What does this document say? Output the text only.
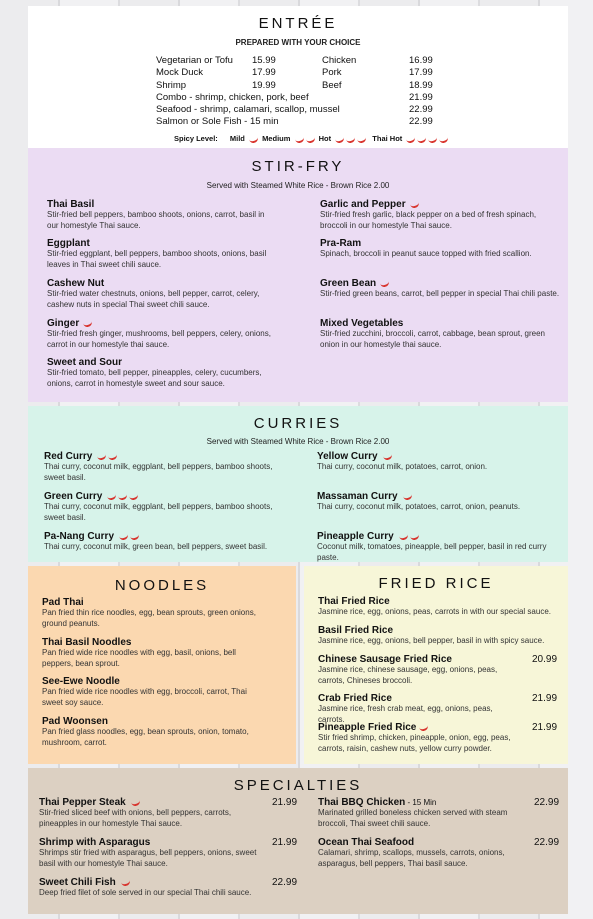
ENTRÉE
PREPARED WITH YOUR CHOICE
Vegetarian or Tofu 15.99	Chicken	16.99
Mock Duck	17.99	Pork	17.99
Shrimp	19.99	Beef	18.99
Combo - shrimp, chicken, pork, beef	21.99
Seafood - shrimp, calamari, scallop, mussel	22.99
Salmon or Sole Fish - 15 min	22.99
Spicy Level: Mild Medium	Hot	Thai Hot
STIR-FRY
Served with Steamed White Rice - Brown Rice 2.00
Thai Basil
Stir-fried bell peppers, bamboo shoots, onions, carrot, basil in our homestyle Thai sauce.
Eggplant
Stir-fried eggplant, bell peppers, bamboo shoots, onions, basil leaves in Thai sweet chili sauce.
Cashew Nut
Stir-fried water chestnuts, onions, bell pepper, carrot, celery, cashew nuts in special Thai sweet chili sauce.
Ginger
Stir-fried fresh ginger, mushrooms, bell peppers, celery, onions, carrot in our homestyle thai sauce.
Sweet and Sour
Stir-fried tomato, bell pepper, pineapples, celery, cucumbers, onions, carrot in homestyle sweet and sour sauce.
Garlic and Pepper
Stir-fried fresh garlic, black pepper on a bed of fresh spinach, broccoli in our homestyle Thai sauce.
Pra-Ram
Spinach, broccoli in peanut sauce topped with fried scallion.
Green Bean
Stir-fried green beans, carrot, bell pepper in special Thai chili paste.
Mixed Vegetables
Stir-fried zucchini, broccoli, carrot, cabbage, bean sprout, green onion in our homestyle thai sauce.
CURRIES
Served with Steamed White Rice - Brown Rice 2.00
Red Curry
Thai curry, coconut milk, eggplant, bell peppers, bamboo shoots, sweet basil.
Green Curry
Thai curry, coconut milk, eggplant, bell peppers, bamboo shoots, sweet basil.
Pa-Nang Curry
Thai curry, coconut milk, green bean, bell peppers, sweet basil.
Yellow Curry
Thai curry, coconut milk, potatoes, carrot, onion.
Massaman Curry
Thai curry, coconut milk, potatoes, carrot, onion, peanuts.
Pineapple Curry
Coconut milk, tomatoes, pineapple, bell pepper, basil in red curry paste.
NOODLES
Pad Thai
Pan fried thin rice noodles, egg, bean sprouts, green onions, ground peanuts.
Thai Basil Noodles
Pan fried wide rice noodles with egg, basil, onions, bell peppers, bean sprout.
See-Ewe Noodle
Pan fried wide rice noodles with egg, broccoli, carrot, Thai sweet soy sauce.
Pad Woonsen
Pan fried glass noodles, egg, bean sprouts, onion, tomato, mushroom, carrot.
FRIED RICE
Thai Fried Rice
Jasmine rice, egg, onions, peas, carrots in with our special sauce.
Basil Fried Rice
Jasmine rice, egg, onions, bell pepper, basil in with spicy sauce.
Chinese Sausage Fried Rice
Jasmine rice, chinese sausage, egg, onions, peas, carrots, Chineses broccoli.
20.99
Crab Fried Rice
Jasmine rice, fresh crab meat, egg, onions, peas, carrots.
21.99
Pineapple Fried Rice
Stir fried shrimp, chicken, pineapple, onion, egg, peas, carrots, raisin, cashew nuts, yellow curry powder.
21.99
SPECIALTIES
Thai Pepper Steak
Stir-fried sliced beef with onions, bell peppers, carrots, pineapples in our homestyle Thai sauce.
21.99
Shrimp with Asparagus
Shrimps stir fried with asparagus, bell peppers, onions, sweet basil with our homestyle Thai sauce.
21.99
Sweet Chili Fish
Deep fried filet of sole served in our special Thai chili sauce.
22.99
Thai BBQ Chicken - 15 Min
Marinated grilled boneless chicken served with steam broccoli, Thai sweet chili sauce.
22.99
Ocean Thai Seafood
Calamari, shrimp, scallops, mussels, carrots, onions, asparagus, bell peppers, Thai basil sauce.
22.99
